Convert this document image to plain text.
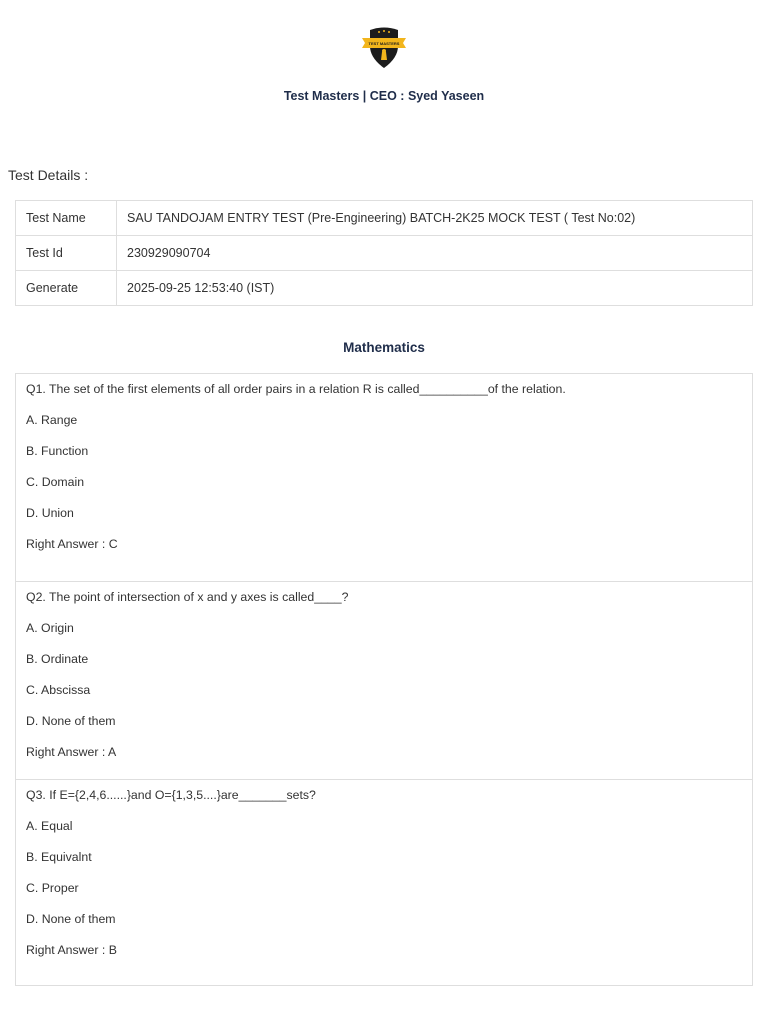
TEST MASTERS
Test Masters | CEO : Syed Yaseen
Test Details :
Test Name	SAU TANDOJAM ENTRY TEST (Pre-Engineering) BATCH-2K25 MOCK TEST ( Test No:02)
Test Id	230929090704
Generate	2025-09-25 12:53:40 (IST)
Mathematics
Q1. The set of the first elements of all order pairs in a relation R is called__________of the relation.
A. Range
B. Function
C. Domain
D. Union
Right Answer : C
Q2. The point of intersection of x and y axes is called____?
A. Origin
B. Ordinate
C. Abscissa
D. None of them
Right Answer : A
Q3. If E={2,4,6......}and O={1,3,5....}are_______sets?
A. Equal
B. Equivalnt
C. Proper
D. None of them
Right Answer : B
